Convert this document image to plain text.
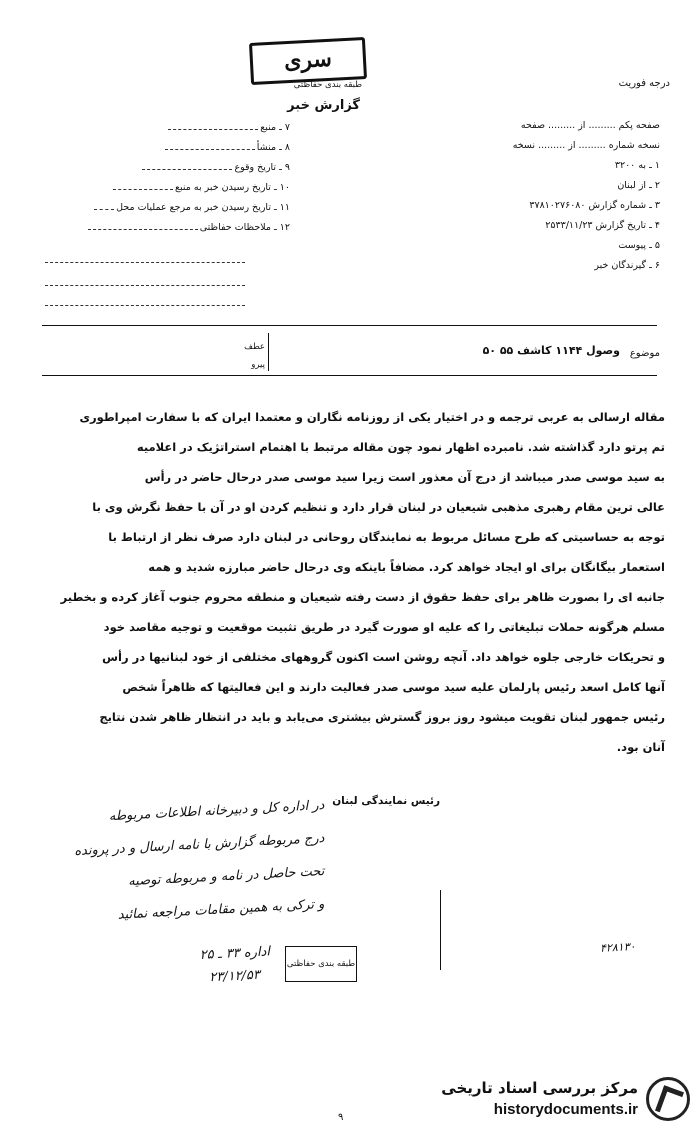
سری
طبقه بندی حفاظتی	درجه فوریت
گزارش خبر
صفحه پکم ......... از ......... صفحه
نسخه شماره ......... از ......... نسخه
۱ ـ به ۳۲۰۰
۲ ـ از لبنان
۳ ـ شماره گزارش ۳۷۸۱۰۲۷۶۰۸۰
۴ ـ تاریخ گزارش ۲۵۳۳/۱۱/۲۳
۵ ـ پیوست
۶ ـ گیرندگان خبر
۷ ـ منبع
۸ ـ منشأ
۹ ـ تاریخ وقوع
۱۰ ـ تاریخ رسیدن خبر به منبع
۱۱ ـ تاریخ رسیدن خبر به مرجع عملیات محل
۱۲ ـ ملاحظات حفاظتی
موضوع
وصول ۱۱۴۴ کاشف ۵۵ ۵۰
عطف
پیرو
مقاله ارسالی به عربی ترجمه و در اختیار یکی از روزنامه نگاران و معتمدا ایران که با سفارت امپراطوری
تم پرتو دارد گذاشته شد. نامبرده اظهار نمود چون مقاله مرتبط با اهتمام استراتژیک در اعلامیه
به سید موسی صدر میباشد از درج آن معذور است زیرا سید موسی صدر درحال حاضر در رأس
عالی ترین مقام رهبری مذهبی شیعیان در لبنان قرار دارد و تنظیم کردن او در آن با حفظ نگرش وی با
توجه به حساسیتی که طرح مسائل مربوط به نمایندگان روحانی در لبنان دارد صرف نظر از ارتباط با
استعمار بیگانگان برای او ایجاد خواهد کرد. مضافاً باینکه وی درحال حاضر مبارزه شدید و همه
جانبه ای را بصورت ظاهر برای حفظ حقوق از دست رفته شیعیان و منطقه محروم جنوب آغاز کرده و بخطیر
مسلم هرگونه حملات تبلیغاتی را که علیه او صورت گیرد در طریق تثبیت موقعیت و توجیه مقاصد خود
و تحریکات خارجی جلوه خواهد داد. آنچه روشن است اکنون گروههای مختلفی از خود لبنانیها در رأس
آنها کامل اسعد رئیس پارلمان علیه سید موسی صدر فعالیت دارند و این فعالیتها که ظاهراً شخص
رئیس جمهور لبنان تقویت میشود روز بروز گسترش بیشتری می‌یابد و باید در انتظار ظاهر شدن نتایج
آنان بود.
رئیس نمایندگی لبنان
در اداره کل و دبیرخانه اطلاعات مربوطه
درج مربوطه گزارش با نامه ارسال و در پرونده
تحت حاصل در نامه و مربوطه توصیه
و ترکی به همین مقامات مراجعه نمائید
اداره ۳۳ ـ ۲۵
۲۳/۱۲/۵۳
طبقه بندی حفاظتی
۴۲۸۱۳۰
مرکز بررسی اسناد تاریخی
historydocuments.ir
۹
